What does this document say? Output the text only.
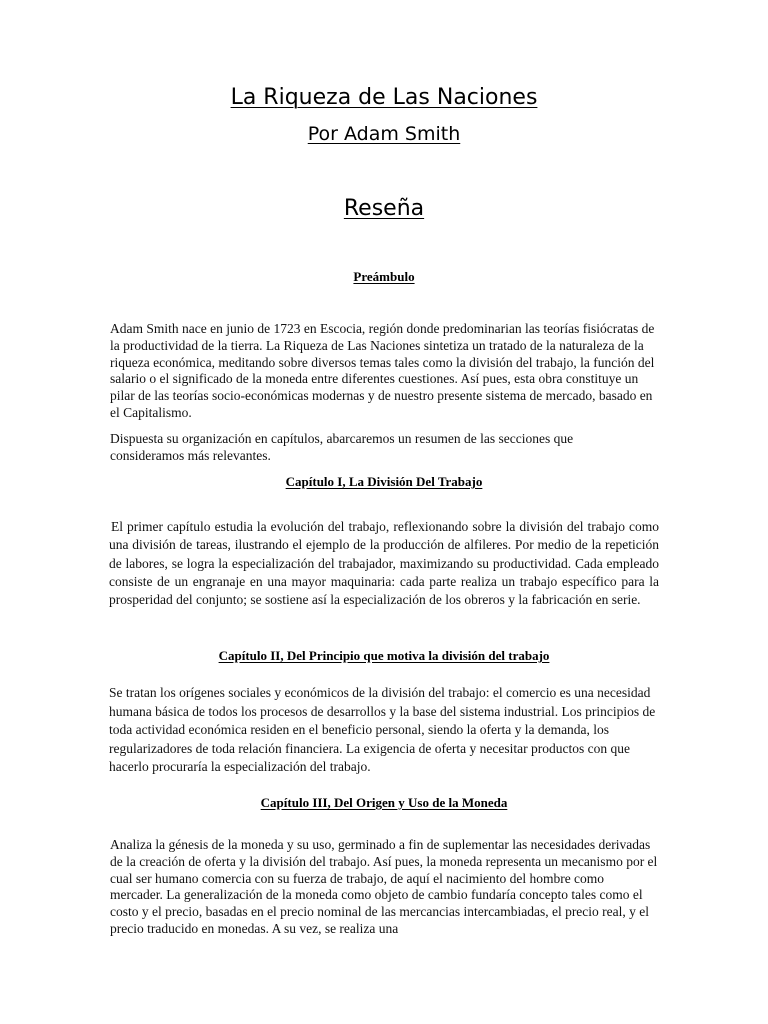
La Riqueza de Las Naciones
Por Adam Smith
Reseña
Preámbulo

Adam Smith nace en junio de 1723 en Escocia, región donde predominarian las teorías fisiócratas de la productividad de la tierra. La Riqueza de Las Naciones sintetiza un tratado de la naturaleza de la riqueza económica, meditando sobre diversos temas tales como la división del trabajo, la función del salario o el significado de la moneda entre diferentes cuestiones. Así pues, esta obra constituye un pilar de las teorías socio-económicas modernas y de nuestro presente sistema de mercado, basado en el Capitalismo.

Dispuesta su organización en capítulos, abarcaremos un resumen de las secciones que consideramos más relevantes.

Capítulo I, La División Del Trabajo

El primer capítulo estudia la evolución del trabajo, reflexionando sobre la división del trabajo como una división de tareas, ilustrando el ejemplo de la producción de alfileres. Por medio de la repetición de labores, se logra la especialización del trabajador, maximizando su productividad. Cada empleado consiste de un engranaje en una mayor maquinaria: cada parte realiza un trabajo específico para la prosperidad del conjunto; se sostiene así la especialización de los obreros y la fabricación en serie.

Capítulo II, Del Principio que motiva la división del trabajo

Se tratan los orígenes sociales y económicos de la división del trabajo: el comercio es una necesidad humana básica de todos los procesos de desarrollos y la base del sistema industrial. Los principios de toda actividad económica residen en el beneficio personal, siendo la oferta y la demanda, los regularizadores de toda relación financiera. La exigencia de oferta y necesitar productos con que hacerlo procuraría la especialización del trabajo.

Capítulo III, Del Origen y Uso de la Moneda

Analiza la génesis de la moneda y su uso, germinado a fin de suplementar las necesidades derivadas de la creación de oferta y la división del trabajo. Así pues, la moneda representa un mecanismo por el cual ser humano comercia con su fuerza de trabajo, de aquí el nacimiento del hombre como mercader. La generalización de la moneda como objeto de cambio fundaría concepto tales como el costo y el precio, basadas en el precio nominal de las mercancias intercambiadas, el precio real, y el precio traducido en monedas. A su vez, se realiza una
